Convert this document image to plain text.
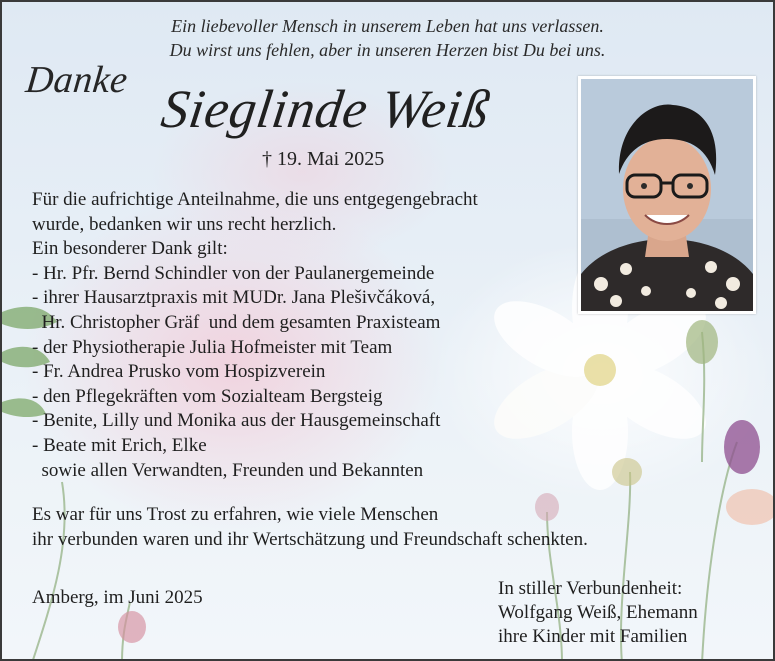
Ein liebevoller Mensch in unserem Leben hat uns verlassen.

Du wirst uns fehlen, aber in unseren Herzen bist Du bei uns.

Danke Sieglinde Weiß

† 19. Mai 2025

Für die aufrichtige Anteilnahme, die uns entgegengebracht
wurde, bedanken wir uns recht herzlich.
Ein besonderer Dank gilt:
- Hr. Pfr. Bernd Schindler von der Paulanergemeinde
- ihrer Hausarztpraxis mit MUDr. Jana Plešivčáková,
Hr. Christopher Gräf  und dem gesamten Praxisteam
- der Physiotherapie Julia Hofmeister mit Team
- Fr. Andrea Prusko vom Hospizverein
- den Pflegekräften vom Sozialteam Bergsteig
- Benite, Lilly und Monika aus der Hausgemeinschaft
- Beate mit Erich, Elke
sowie allen Verwandten, Freunden und Bekannten
Es war für uns Trost zu erfahren, wie viele Menschen
ihr verbunden waren und ihr Wertschätzung und Freundschaft schenkten.

Amberg, im Juni 2025	In stiller Verbundenheit:
Wolfgang Weiß, Ehemann
ihre Kinder mit Familien
